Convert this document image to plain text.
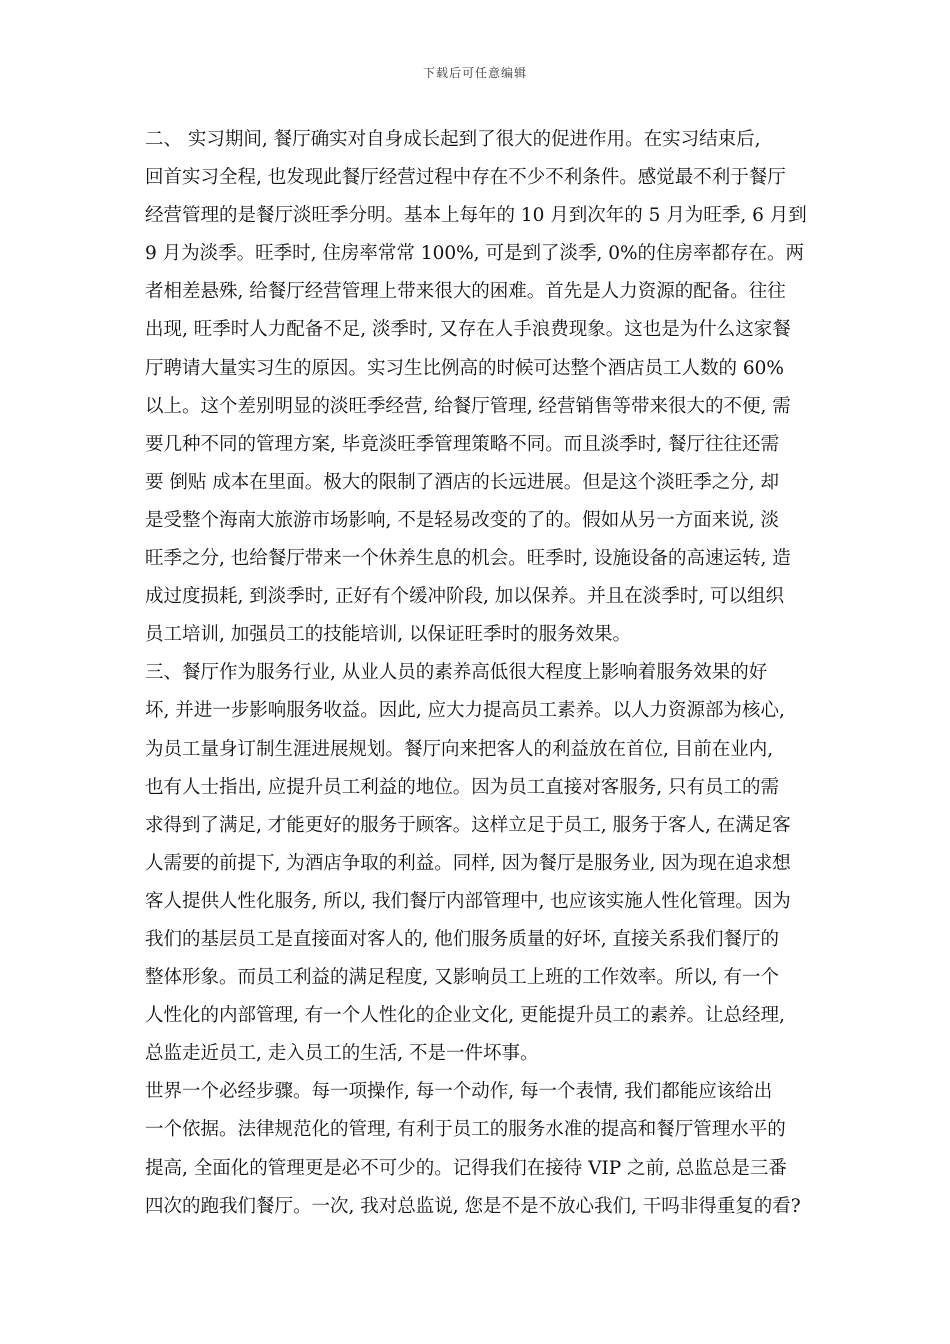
下载后可任意编辑
二、 实习期间, 餐厅确实对自身成长起到了很大的促进作用。在实习结束后,
回首实习全程, 也发现此餐厅经营过程中存在不少不利条件。感觉最不利于餐厅
经营管理的是餐厅淡旺季分明。基本上每年的 10 月到次年的 5 月为旺季, 6 月到
9 月为淡季。旺季时, 住房率常常 100%, 可是到了淡季, 0%的住房率都存在。两
者相差悬殊, 给餐厅经营管理上带来很大的困难。首先是人力资源的配备。往往
出现, 旺季时人力配备不足, 淡季时, 又存在人手浪费现象。这也是为什么这家餐
厅聘请大量实习生的原因。实习生比例高的时候可达整个酒店员工人数的 60%
以上。这个差别明显的淡旺季经营, 给餐厅管理, 经营销售等带来很大的不便, 需
要几种不同的管理方案, 毕竟淡旺季管理策略不同。而且淡季时, 餐厅往往还需
要 倒贴 成本在里面。极大的限制了酒店的长远进展。但是这个淡旺季之分, 却
是受整个海南大旅游市场影响, 不是轻易改变的了的。假如从另一方面来说, 淡
旺季之分, 也给餐厅带来一个休养生息的机会。旺季时, 设施设备的高速运转, 造
成过度损耗, 到淡季时, 正好有个缓冲阶段, 加以保养。并且在淡季时, 可以组织
员工培训, 加强员工的技能培训, 以保证旺季时的服务效果。
三、餐厅作为服务行业, 从业人员的素养高低很大程度上影响着服务效果的好
坏, 并进一步影响服务收益。因此, 应大力提高员工素养。以人力资源部为核心,
为员工量身订制生涯进展规划。餐厅向来把客人的利益放在首位, 目前在业内,
也有人士指出, 应提升员工利益的地位。因为员工直接对客服务, 只有员工的需
求得到了满足, 才能更好的服务于顾客。这样立足于员工, 服务于客人, 在满足客
人需要的前提下, 为酒店争取的利益。同样, 因为餐厅是服务业, 因为现在追求想
客人提供人性化服务, 所以, 我们餐厅内部管理中, 也应该实施人性化管理。因为
我们的基层员工是直接面对客人的, 他们服务质量的好坏, 直接关系我们餐厅的
整体形象。而员工利益的满足程度, 又影响员工上班的工作效率。所以, 有一个
人性化的内部管理, 有一个人性化的企业文化, 更能提升员工的素养。让总经理,
总监走近员工, 走入员工的生活, 不是一件坏事。
世界一个必经步骤。每一项操作, 每一个动作, 每一个表情, 我们都能应该给出
一个依据。法律规范化的管理, 有利于员工的服务水准的提高和餐厅管理水平的
提高, 全面化的管理更是必不可少的。记得我们在接待 VIP 之前, 总监总是三番
四次的跑我们餐厅。一次, 我对总监说, 您是不是不放心我们, 干吗非得重复的看?
